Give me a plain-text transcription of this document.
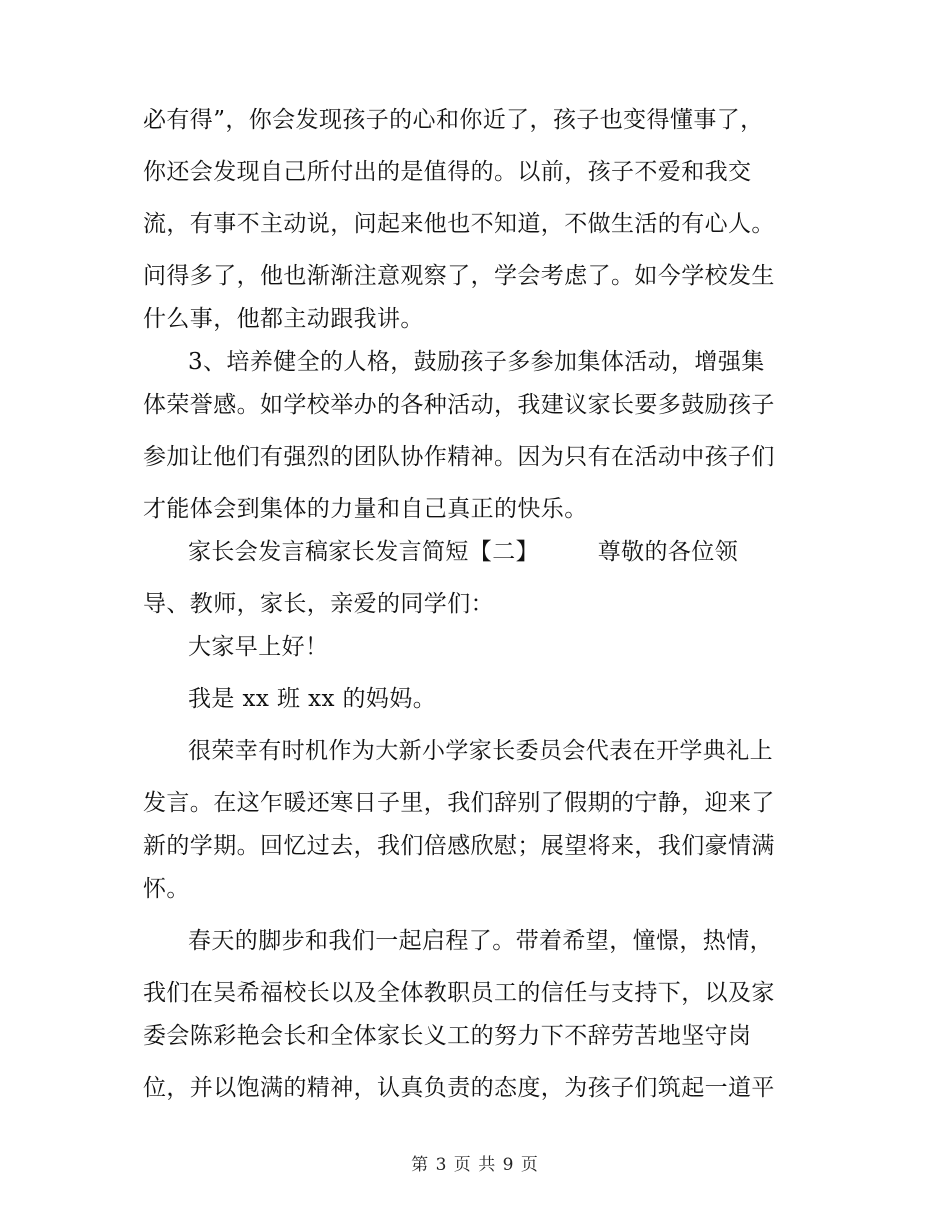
必有得”，你会发现孩子的心和你近了，孩子也变得懂事了，
你还会发现自己所付出的是值得的。以前，孩子不爱和我交
流，有事不主动说，问起来他也不知道，不做生活的有心人。
问得多了，他也渐渐注意观察了，学会考虑了。如今学校发生
什么事，他都主动跟我讲。
3、培养健全的人格，鼓励孩子多参加集体活动，增强集
体荣誉感。如学校举办的各种活动，我建议家长要多鼓励孩子
参加让他们有强烈的团队协作精神。因为只有在活动中孩子们
才能体会到集体的力量和自己真正的快乐。
家长会发言稿家长发言简短【二】　　　尊敬的各位领
导、教师，家长，亲爱的同学们：
大家早上好！
我是 xx 班 xx 的妈妈。
很荣幸有时机作为大新小学家长委员会代表在开学典礼上
发言。在这乍暖还寒日子里，我们辞别了假期的宁静，迎来了
新的学期。回忆过去，我们倍感欣慰；展望将来，我们豪情满
怀。
春天的脚步和我们一起启程了。带着希望，憧憬，热情，
我们在吴希福校长以及全体教职员工的信任与支持下，以及家
委会陈彩艳会长和全体家长义工的努力下不辞劳苦地坚守岗
位，并以饱满的精神，认真负责的态度，为孩子们筑起一道平
第 3 页 共 9 页
